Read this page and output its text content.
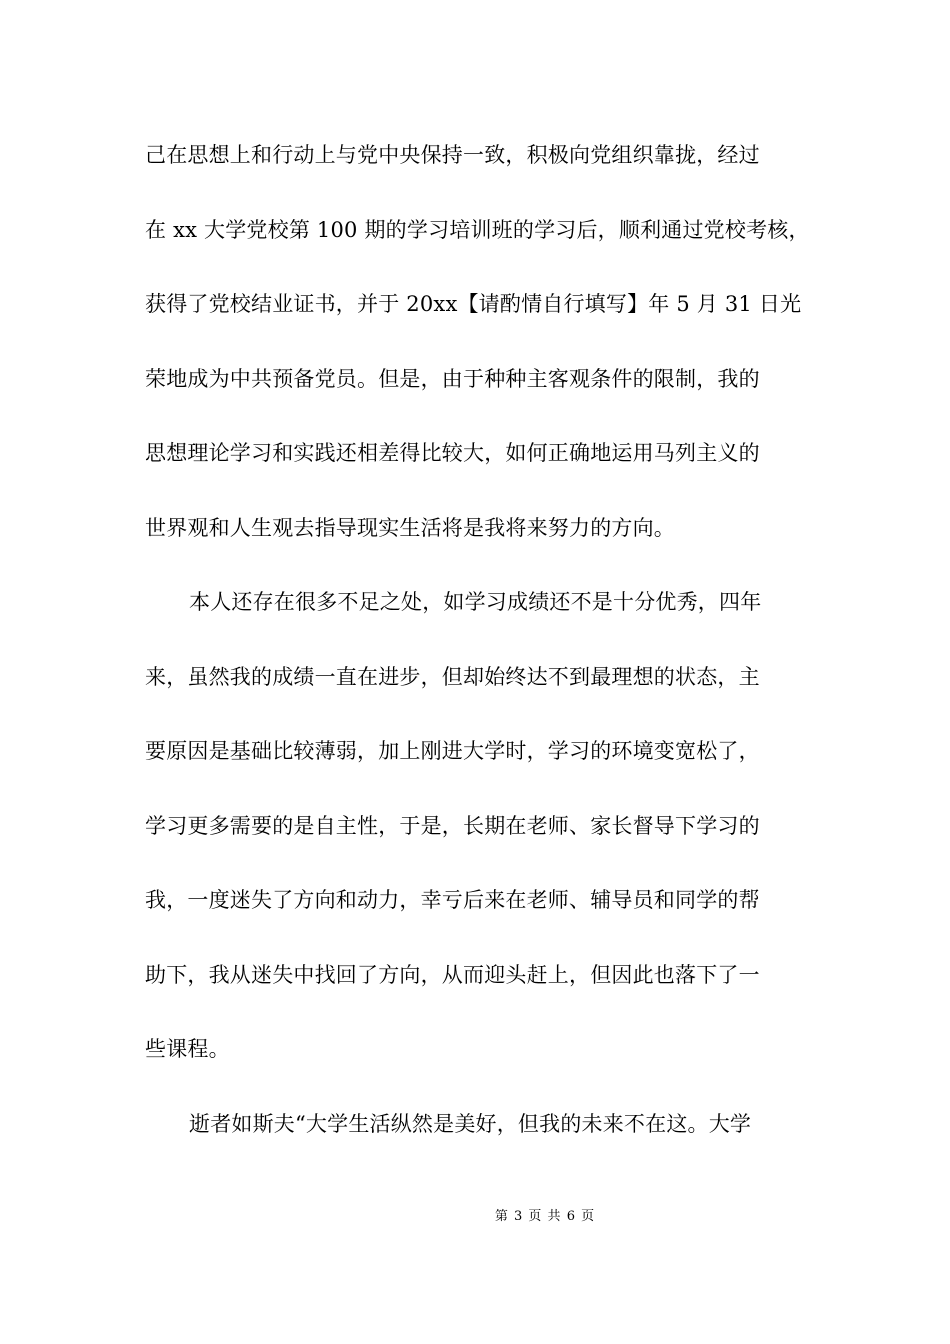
己在思想上和行动上与党中央保持一致，积极向党组织靠拢，经过
在 xx 大学党校第 100 期的学习培训班的学习后，顺利通过党校考核，
获得了党校结业证书，并于 20xx【请酌情自行填写】年 5 月 31 日光
荣地成为中共预备党员。但是，由于种种主客观条件的限制，我的
思想理论学习和实践还相差得比较大，如何正确地运用马列主义的
世界观和人生观去指导现实生活将是我将来努力的方向。
本人还存在很多不足之处，如学习成绩还不是十分优秀，四年
来，虽然我的成绩一直在进步，但却始终达不到最理想的状态，主
要原因是基础比较薄弱，加上刚进大学时，学习的环境变宽松了，
学习更多需要的是自主性，于是，长期在老师、家长督导下学习的
我，一度迷失了方向和动力，幸亏后来在老师、辅导员和同学的帮
助下，我从迷失中找回了方向，从而迎头赶上，但因此也落下了一
些课程。
逝者如斯夫“大学生活纵然是美好，但我的未来不在这。大学
第 3 页 共 6 页
